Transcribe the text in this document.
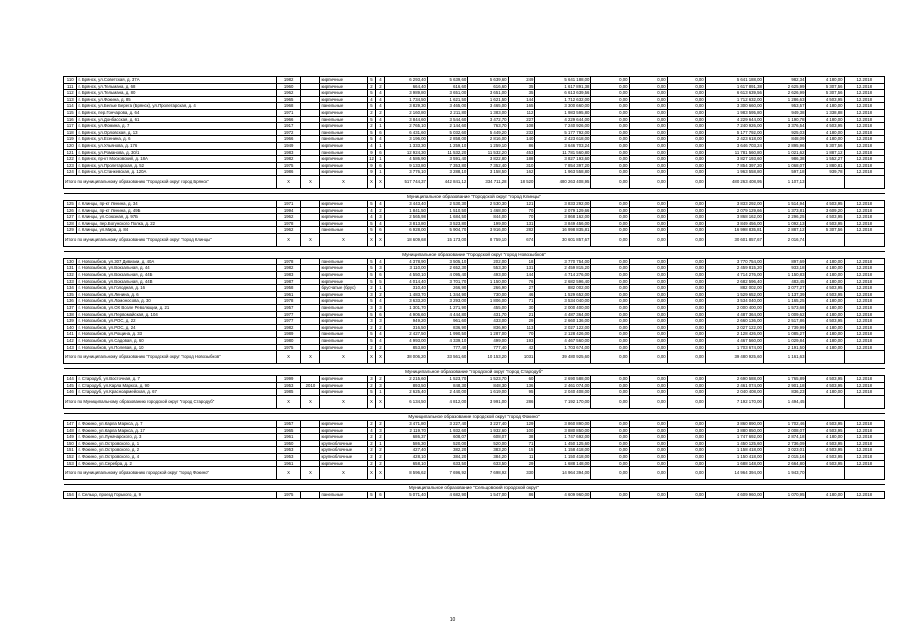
110	г. Брянск, ул.Советская, д. 37А	1982		кирпичные	5	4	6 293,40	5 639,60	5 639,60	249	5 641 188,00	0,00	0,00	0,00	5 641 188,00	982,34	4 180,00	12.2018
111	г. Брянск, ул.Тельмана, д. 68	1960		кирпичные	2	2	664,40	616,60	616,60	35	1 617 891,38	0,00	0,00	0,00	1 617 891,38	2 625,99	5 307,56	12.2018
112	г. Брянск, ул.Тельмана, д. 80	1962		кирпичные	5	4	3 989,80	3 651,00	3 651,00	35	6 613 639,56	0,00	0,00	0,00	6 613 639,56	2 626,99	5 307,56	12.2018
113	г. Брянск, ул.Фокина, д. 85	1965		кирпичные	4	4	1 734,50	1 621,50	1 621,50	144	1 712 632,00	0,00	0,00	0,00	1 712 632,00	1 286,63	4 503,95	12.2018
114	г. Брянск, ул.Белые Берега (Брянск), ул.Пролетарская, д. 4	1968		панельные	5	4	3 829,30	3 465,00	3 465,00	165	3 300 660,00	0,00	0,00	0,00	3 300 660,00	953,57	4 180,00	12.2018
115	г. Брянск, пер.Гончарова, д. 64	1971		кирпичные	2	2	2 160,80	2 211,80	1 383,00	112	1 983 595,80	0,00	0,00	0,00	1 983 595,80	949,38	1 338,88	12.2018
116	г. Брянск, ул.Донбасская, д. 61	1966		панельные	5	4	3 844,60	3 544,60	3 472,70	227	4 229 644,00	0,00	0,00	0,00	4 229 644,00	1 190,78	4 180,00	12.2018
117	г. Брянск, ул.Фомина, д. 7	1917		кирпичные	2	1	2 765,10	2 144,60	763,70	108	7 240 926,00	0,00	0,00	0,00	7 240 926,00	3 376,54	4 503,95	12.2018
118	г. Брянск, ул.Орловская, д. 13	1972		панельные	5	6	6 431,60	5 032,60	5 449,20	232	5 177 792,00	0,00	0,00	0,00	5 177 792,00	925,03	4 180,00	12.2018
119	г. Брянск, ул.Есенина, д. 6	1966		панельные	5	4	3 196,00	2 858,00	2 816,00	140	2 423 618,00	0,00	0,00	0,00	2 423 618,00	848,09	4 180,00	12.2018
120	г. Брянск, ул.Ульянова, д. 176	1949		кирпичные	4	1	1 333,30	1 259,10	1 259,10	86	3 646 703,24	0,00	0,00	0,00	3 646 703,24	2 895,96	5 307,56	12.2018
121	г. Брянск, ул.Романова, д. 30/1	1983		панельные	9	6	12 924,30	11 532,20	11 532,20	453	11 781 560,80	0,00	0,00	0,00	11 781 560,80	1 021,62	1 887,12	12.2018
122	г. Брянск, пр-кт Московский, д. 18А	1982		кирпичные	12	1	4 586,90	3 591,40	3 822,80	188	3 827 193,60	0,00	0,00	0,00	3 827 193,60	986,38	1 552,27	12.2018
123	г. Брянск, ул.Пролетарская, д. 52	1975		кирпичные	9	6	9 133,80	7 353,80	7 352,40	310	7 854 397,20	0,00	0,00	0,00	7 854 397,20	1 068,07	1 880,81	12.2018
124	г. Брянск, ул.Станкевская, д. 120А	1986		кирпичные	9	1	3 776,10	3 288,10	3 158,50	162	1 963 558,80	0,00	0,00	0,00	1 963 558,80	597,18	939,78	12.2018
Итого по муниципальному образованию "Городской округ город Брянск"		X	X	X	X	X	517 744,37	442 841,12	334 711,28	18 520	480 263 408,95	0,00	0,00	0,00	480 263 408,95	1 107,13		

Муниципальное образование "Городской округ "город Клинцы"																		
125	г. Клинцы, пр-кт Ленина, д. 34	1971		кирпичные	5	4	3 443,40	2 530,30	2 530,30	121	3 833 292,00	0,00	0,00	0,00	3 833 292,00	1 514,94	4 503,95	12.2018
126	г. Клинцы, пр-кт Ленина, д. 49Б	1994		кирпичные	4	2	1 841,50	1 510,50	1 468,00	70	2 079 129,66	0,00	0,00	0,00	2 079 129,66	1 373,81	3 609,20	12.2018
127	г. Клинцы, ул.Союзная, д. 97Б	1962		кирпичные	4	3	2 565,98	1 684,50	844,00	70	3 868 162,00	0,00	0,00	0,00	3 868 162,00	2 296,25	4 503,95	12.2018
128	г. Клинцы, пер.Богунского Полка, д. 22	1978		кирпичные	5	4	3 813,80	3 523,80	199,00	131	3 849 456,00	0,00	0,00	0,00	3 849 456,00	1 092,13	4 503,95	12.2018
129	г. Клинцы, ул.Мира, д. 84	1962		панельные	5	6	6 928,00	5 904,70	3 916,00	282	16 998 835,81	0,00	0,00	0,00	16 998 835,81	2 887,12	5 307,56	12.2018
Итого по муниципальному образованию "Городской округ "город Клинцы"		X	X	X	X	X	18 609,68	15 173,00	8 759,10	674	30 601 857,67	0,00	0,00	0,00	30 601 857,67	2 016,74		

Муниципальное образование "Городской округ "город Новозыбков"																		
130	г. Новозыбков, ул.307 Дивизии, д. 40А	1978		панельные	5	4	4 378,90	3 505,10	202,00	18	3 770 754,00	0,00	0,00	0,00	3 770 754,00	897,69	4 180,00	12.2018
131	г. Новозыбков, ул.Вокзальная, д. 44	1982		кирпичные	5	3	3 110,00	2 652,30	553,30	131	2 459 815,20	0,00	0,00	0,00	2 459 815,20	933,18	4 180,00	12.2018
132	г. Новозыбков, ул.Вокзальная, д. 44Б	1983		кирпичные	5	6	4 550,10	4 095,40	493,00	144	4 714 276,00	0,00	0,00	0,00	4 714 276,00	1 150,83	4 180,00	12.2018
133	г. Новозыбков, ул.Вокзальная, д. 44В	1987		кирпичные	5	5	4 014,40	3 701,70	1 150,00	76	2 682 596,40	0,00	0,00	0,00	2 682 596,40	483,45	4 180,00	12.2018
134	г. Новозыбков, ул.Голодная, д. 16	1958		брусчатые (брус)	2	1	310,40	266,90	266,90	27	882 002,00	0,00	0,00	0,00	882 002,00	3 077,27	4 503,95	12.2018
135	г. Новозыбков, ул.Ленина, д. 6	1961		кирпичные	3	2	1 483,70	1 344,90	730,00	46	1 529 652,00	0,00	0,00	0,00	1 529 652,00	1 137,39	4 503,95	12.2018
136	г. Новозыбков, ул.Ломоносова, д. 30	1978		кирпичные	5	4	3 633,20	3 293,00	1 806,00	71	3 534 040,00	0,00	0,00	0,00	3 534 040,00	1 165,25	4 180,00	12.2018
137	г. Новозыбков, ул.ОХ Возле Революции, д. 21	1957		панельные	3	3	1 301,70	1 271,90	455,00	30	2 000 400,00	0,00	0,00	0,00	2 000 400,00	1 573,68	4 180,00	12.2018
138	г. Новозыбков, ул.Первомайская, д. 104	1977		кирпичные	5	6	4 906,60	4 444,80	431,70	21	4 487 364,00	0,00	0,00	0,00	4 487 364,00	1 009,62	4 180,00	12.2018
139	г. Новозыбков, ул.РОС, д. 22	1977		кирпичные	3	3	949,20	961,60	433,00	29	2 660 136,00	0,00	0,00	0,00	2 660 136,00	2 517,86	4 503,95	12.2018
140	г. Новозыбков, ул.РОС, д. 24	1982		кирпичные	2	2	316,50	836,90	836,90	113	2 027 122,00	0,00	0,00	0,00	2 027 122,00	2 739,99	4 180,00	12.2018
141	г. Новозыбков, ул.Рощина, д. 33	1989		панельные	5	4	2 427,50	1 990,50	1 287,00	70	2 128 426,00	0,00	0,00	0,00	2 128 426,00	1 085,27	4 180,00	12.2018
142	г. Новозыбков, ул.Садовая, д. 60	1980		панельные	5	4	4 993,00	4 339,10	499,00	193	4 467 560,00	0,00	0,00	0,00	4 467 560,00	1 029,84	4 180,00	12.2018
143	г. Новозыбков, ул.Полевая, д. 10	1975		кирпичные	2	2	853,80	777,40	777,40	42	1 703 674,00	0,00	0,00	0,00	1 703 674,00	2 191,50	4 180,00	12.2018
Итого по муниципальному образованию "Городской округ "город Новозыбков"		X	X	X	X	X	38 006,20	33 561,60	10 153,20	1031	39 480 925,60	0,00	0,00	0,00	39 480 925,60	1 161,63		

Муниципальное образование "городской округ "город Стародуб"																		
144	г. Стародуб, ул.Восточная, д. 7	1999		кирпичные	3	2	2 215,60	1 523,70	1 523,70	60	2 690 588,00	0,00	0,00	0,00	2 690 588,00	1 765,89	4 503,95	12.2018
145	г. Стародуб, ул.Карла Маркса, д. 90	1953	2010	кирпичные	2	3	893,50	848,30	848,30	136	2 461 074,00	0,00	0,00	0,00	2 461 074,00	2 901,18	4 503,95	12.2018
146	г. Стародуб, ул.Красноармейская, д. 67	1985		кирпичные	5	1	2 625,40	2 440,00	1 619,00	95	2 040 408,00	0,00	0,00	0,00	2 040 408,00	836,23	4 180,00	12.2018
Итого по Муниципальному образованию городской округ "город Стародуб"		X	X	X	X	X	6 134,50	4 812,00	3 991,00	286	7 192 170,00	0,00	0,00	0,00	7 192 170,00	1 494,45		

Муниципальное образование городской округ "город Фокино"																		
147	г. Фокино, ул.Карла Маркса, д. 7	1957		кирпичные	2	2	3 471,80	3 227,40	3 227,40	129	3 860 890,00	0,00	0,00	0,00	3 860 890,00	1 702,46	4 503,95	12.2018
148	г. Фокино, ул.Карла Маркса, д. 17	1965		кирпичные	4	3	2 119,70	1 932,60	1 932,60	100	3 880 850,00	0,00	0,00	0,00	3 880 850,00	2 008,07	4 503,95	12.2018
149	г. Фокино, ул.Луначарского, д. 3	1961		кирпичные	2	2	686,37	608,07	608,07	38	1 747 692,00	0,00	0,00	0,00	1 747 692,00	2 874,18	4 180,00	12.2018
150	г. Фокино, ул.Островского, д. 1	1950		крупноблочные	2	1	586,30	520,00	520,00	71	1 450 125,60	0,00	0,00	0,00	1 450 125,60	2 736,09	4 503,95	12.2018
151	г. Фокино, ул.Островского, д. 2	1953		крупноблочные	2	2	427,40	382,20	383,20	15	1 158 418,00	0,00	0,00	0,00	1 158 418,00	3 023,01	4 503,95	12.2018
152	г. Фокино, ул.Островского, д. 4	1953		крупноблочные	2	2	428,10	384,20	384,20	11	1 150 418,00	0,00	0,00	0,00	1 150 418,00	2 015,16	4 503,95	12.2018
153	г. Фокино, ул.Серебра, д. 2	1961		кирпичные	2	2	658,10	633,50	633,50	29	1 688 148,00	0,00	0,00	0,00	1 688 148,00	2 664,80	4 503,95	12.2018
Итого по муниципальному образованию городской округ "город Фокино"		X	X	X	X	X	8 596,62	7 696,92	7 698,92	330	14 964 394,00	0,00	0,00	0,00	14 964 394,00	1 943,70		

Муниципальное образование "Сельцовский городской округ"																		
154	г. Сельцо, проезд Горького, д. 9	1975		панельные	5	6	5 071,40	4 682,90	1 547,00	86	4 609 960,00	0,00	0,00	0,00	4 609 960,00	1 070,95	4 180,00	12.2018
10
